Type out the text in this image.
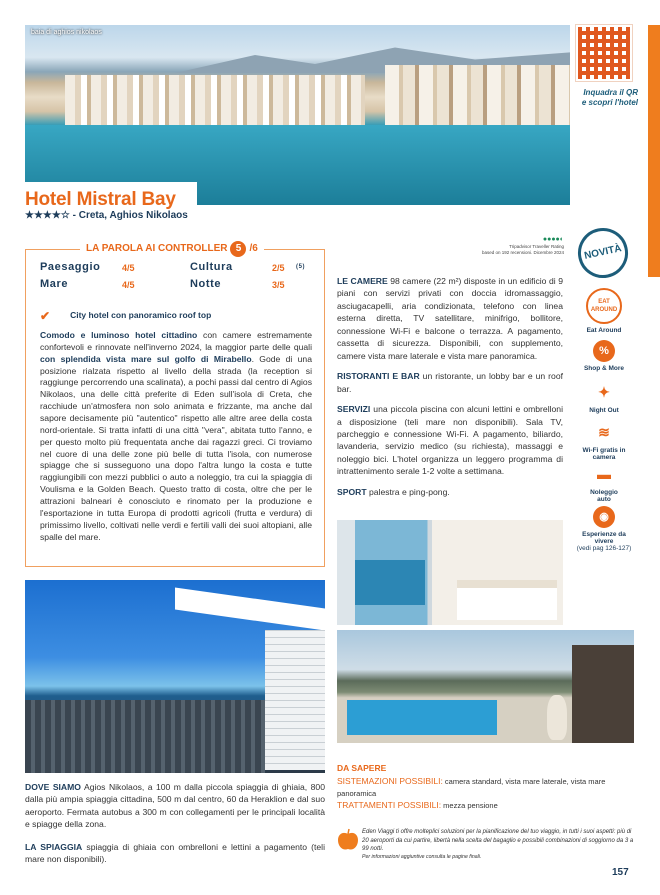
baia di aghios nikolaos
Inquadra il QR
e scopri l'hotel
Hotel Mistral Bay
★★★★☆ - Creta, Aghios Nikolaos
LA PAROLA AI CONTROLLER 5 /6
Paesaggio 4/5	Cultura	2/5 (5)
Mare	4/5	Notte	3/5
✔ City hotel con panoramico roof top
Comodo e luminoso hotel cittadino con camere estremamente confortevoli e rinnovate nell'inverno 2024, la maggior parte delle quali con splendida vista mare sul golfo di Mirabello. Gode di una posizione rialzata rispetto al livello della strada (la reception si raggiunge percorrendo una scalinata), a pochi passi dal centro di Agios Nikolaos, una delle città preferite di Eden sull'isola di Creta, che racchiude un'atmosfera non solo animata e frizzante, ma anche dal sapore decisamente più "autentico" rispetto alle altre aree della costa nord-orientale. Si tratta infatti di una città "vera", abitata tutto l'anno, e per questo molto più frequentata anche dai ragazzi greci. Ci troviamo nel cuore di una delle zone più belle di tutta l'isola, con numerose spiagge che si susseguono una dopo l'altra lungo la costa e tutte raggiungibili con mezzi pubblici o auto a noleggio, tra cui la spiaggia di Voulisma e la Golden Beach. Questo tratto di costa, oltre che per le attrazioni balneari è conosciuto e rinomato per la produzione e l'esportazione in tutta Europa di prodotti agricoli (frutta e verdura) di primissimo livello, coltivati nelle verdi e fertili valli dei suoi altopiani, alle spalle del mare.
●●●●◐
Tripadvisor Traveller Rating
based on 192 recensioni. Dicembre 2024

LE CAMERE 98 camere (22 m²) disposte in un edificio di 9 piani con servizi privati con doccia idromassaggio, asciugacapelli, aria condizionata, telefono con linea esterna diretta, TV satellitare, minifrigo, bollitore, connessione Wi-Fi e balcone o terrazza. A pagamento, cassetta di sicurezza. Disponibili, con supplemento, camere vista mare laterale e vista mare panoramica.

RISTORANTI E BAR un ristorante, un lobby bar e un roof bar.

SERVIZI una piccola piscina con alcuni lettini e ombrelloni a disposizione (teli mare non disponibili). Sala TV, parcheggio e connessione Wi-Fi. A pagamento, biliardo, lavanderia, servizio medico (su richiesta), massaggi e noleggio bici. L'hotel organizza un leggero programma di intrattenimento serale 1-2 volte a settimana.

SPORT palestra e ping-pong.

NOVITÀ
EAT AROUND
Eat Around
%
Shop & More
✦
Night Out
≋
Wi-Fi gratis in camera
▬
Noleggio auto
◉
Esperienze da vivere
(vedi pag 126-127)

DOVE SIAMO Agios Nikolaos, a 100 m dalla piccola spiaggia di ghiaia, 800 dalla più ampia spiaggia cittadina, 500 m dal centro, 60 da Heraklion e dal suo aeroporto. Fermata autobus a 300 m con collegamenti per le principali località e spiagge della zona.

LA SPIAGGIA spiaggia di ghiaia con ombrelloni e lettini a pagamento (teli mare non disponibili).

DA SAPERE
SISTEMAZIONI POSSIBILI: camera standard, vista mare laterale, vista mare panoramica
TRATTAMENTI POSSIBILI: mezza pensione
Eden Viaggi ti offre molteplici soluzioni per la pianificazione del tuo viaggio, in tutti i suoi aspetti: più di 20 aeroporti da cui partire, libertà nella scelta del bagaglio e possibili combinazioni di soggiorno da 3 a 99 notti.
Per informazioni aggiuntive consulta le pagine finali.
157
